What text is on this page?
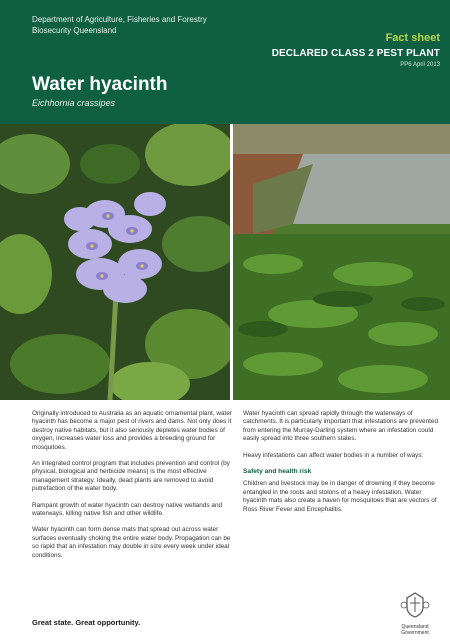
Department of Agriculture, Fisheries and Forestry
Biosecurity Queensland
Fact sheet
DECLARED CLASS 2 PEST PLANT
PP6 April 2013
Water hyacinth
Eichhornia crassipes

Originally introduced to Australia as an aquatic ornamental plant, water hyacinth has become a major pest of rivers and dams. Not only does it destroy native habitats, but it also seriously depletes water bodies of oxygen, increases water loss and provides a breeding ground for mosquitoes.

An integrated control program that includes prevention and control (by physical, biological and herbicide means) is the most effective management strategy. Ideally, dead plants are removed to avoid putrefaction of the water body.

Rampant growth of water hyacinth can destroy native wetlands and waterways, killing native fish and other wildlife.

Water hyacinth can form dense mats that spread out across water surfaces eventually choking the entire water body. Propagation can be so rapid that an infestation may double in size every week under ideal conditions.

Water hyacinth can spread rapidly through the waterways of catchments. It is particularly important that infestations are prevented from entering the Murray-Darling system where an infestation could easily spread into three southern states.

Heavy infestations can affect water bodies in a number of ways:

Safety and health risk

Children and livestock may be in danger of drowning if they become entangled in the roots and stolons of a heavy infestation. Water hyacinth mats also create a haven for mosquitoes that are vectors of Ross River Fever and Encephalitis.

Great state. Great opportunity.	Queensland
Government
